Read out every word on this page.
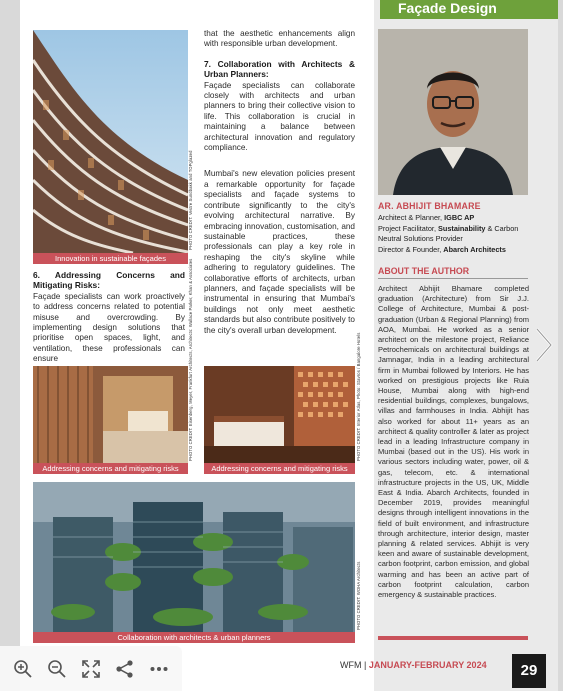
Innovation in sustainable façades
PHOTO CREDIT: Vestre Sundbakk and TOPglazed
6. Addressing Concerns and Mitigating Risks:
Façade specialists can work proactively to address concerns related to potential misuse and overcrowding. By implementing design solutions that prioritise open spaces, light, and ventilation, these professionals can ensure

that the aesthetic enhancements align with responsible urban development.

7. Collaboration with Architects & Urban Planners:

Façade specialists can collaborate closely with architects and urban planners to bring their collective vision to life. This collaboration is crucial in maintaining a balance between architectural innovation and regulatory compliance.

Mumbai's new elevation policies present a remarkable opportunity for façade specialists and façade systems to contribute significantly to the city's evolving architectural narrative. By embracing innovation, customisation, and sustainable practices, these professionals can play a key role in reshaping the city's skyline while adhering to regulatory guidelines. The collaborative efforts of architects, urban planners, and façade specialists will be instrumental in ensuring that Mumbai's buildings not only meet aesthetic standards but also contribute positively to the city's overall urban development.

Addressing concerns and mitigating risks
PHOTO CREDIT: Eisenberg, Meyer, Frankfurt Architects, Architects: Wallace Parker, Khan & Associates
Addressing concerns and mitigating risks
PHOTO CREDIT: Interior Atlas, Photo: Stavros / Bangalore Hotels
Collaboration with architects & urban planners
PHOTO CREDIT: WOHA Architects
AR. ABHIJIT BHAMARE
Architect & Planner, IGBC AP
Project Facilitator, Sustainability & Carbon Neutral Solutions Provider
Director & Founder, Abarch Architects
ABOUT THE AUTHOR
Architect Abhijit Bhamare completed graduation (Architecture) from Sir J.J. College of Architecture, Mumbai & post-graduation (Urban & Regional Planning) from AOA, Mumbai. He worked as a senior architect on the milestone project, Reliance Petrochemicals on architectural buildings at Jamnagar, India in a leading architectural firm in Mumbai followed by Interiors. He has worked on prestigious projects like Ruia House, Mumbai along with high-end residential buildings, complexes, bungalows, villas and farmhouses in India. Abhijit has also worked for about 11+ years as an architect & quality controller & later as project lead in a leading Infrastructure company in Mumbai (based out in the US). His work in various sectors including water, power, oil & gas, telecom, etc. & international infrastructure projects in the US, UK, Middle East & India. Abarch Architects, founded in December 2019, provides meaningful designs through intelligent innovations in the field of built environment, and infrastructure through architecture, interior design, master planning & related services. Abhijit is very keen and aware of sustainable development, carbon footprint, carbon emission, and global warming and has been an active part of carbon footprint calculation, carbon emergency & sustainable practices.
WFM | JANUARY-FEBRUARY 2024	29
Façade Design
